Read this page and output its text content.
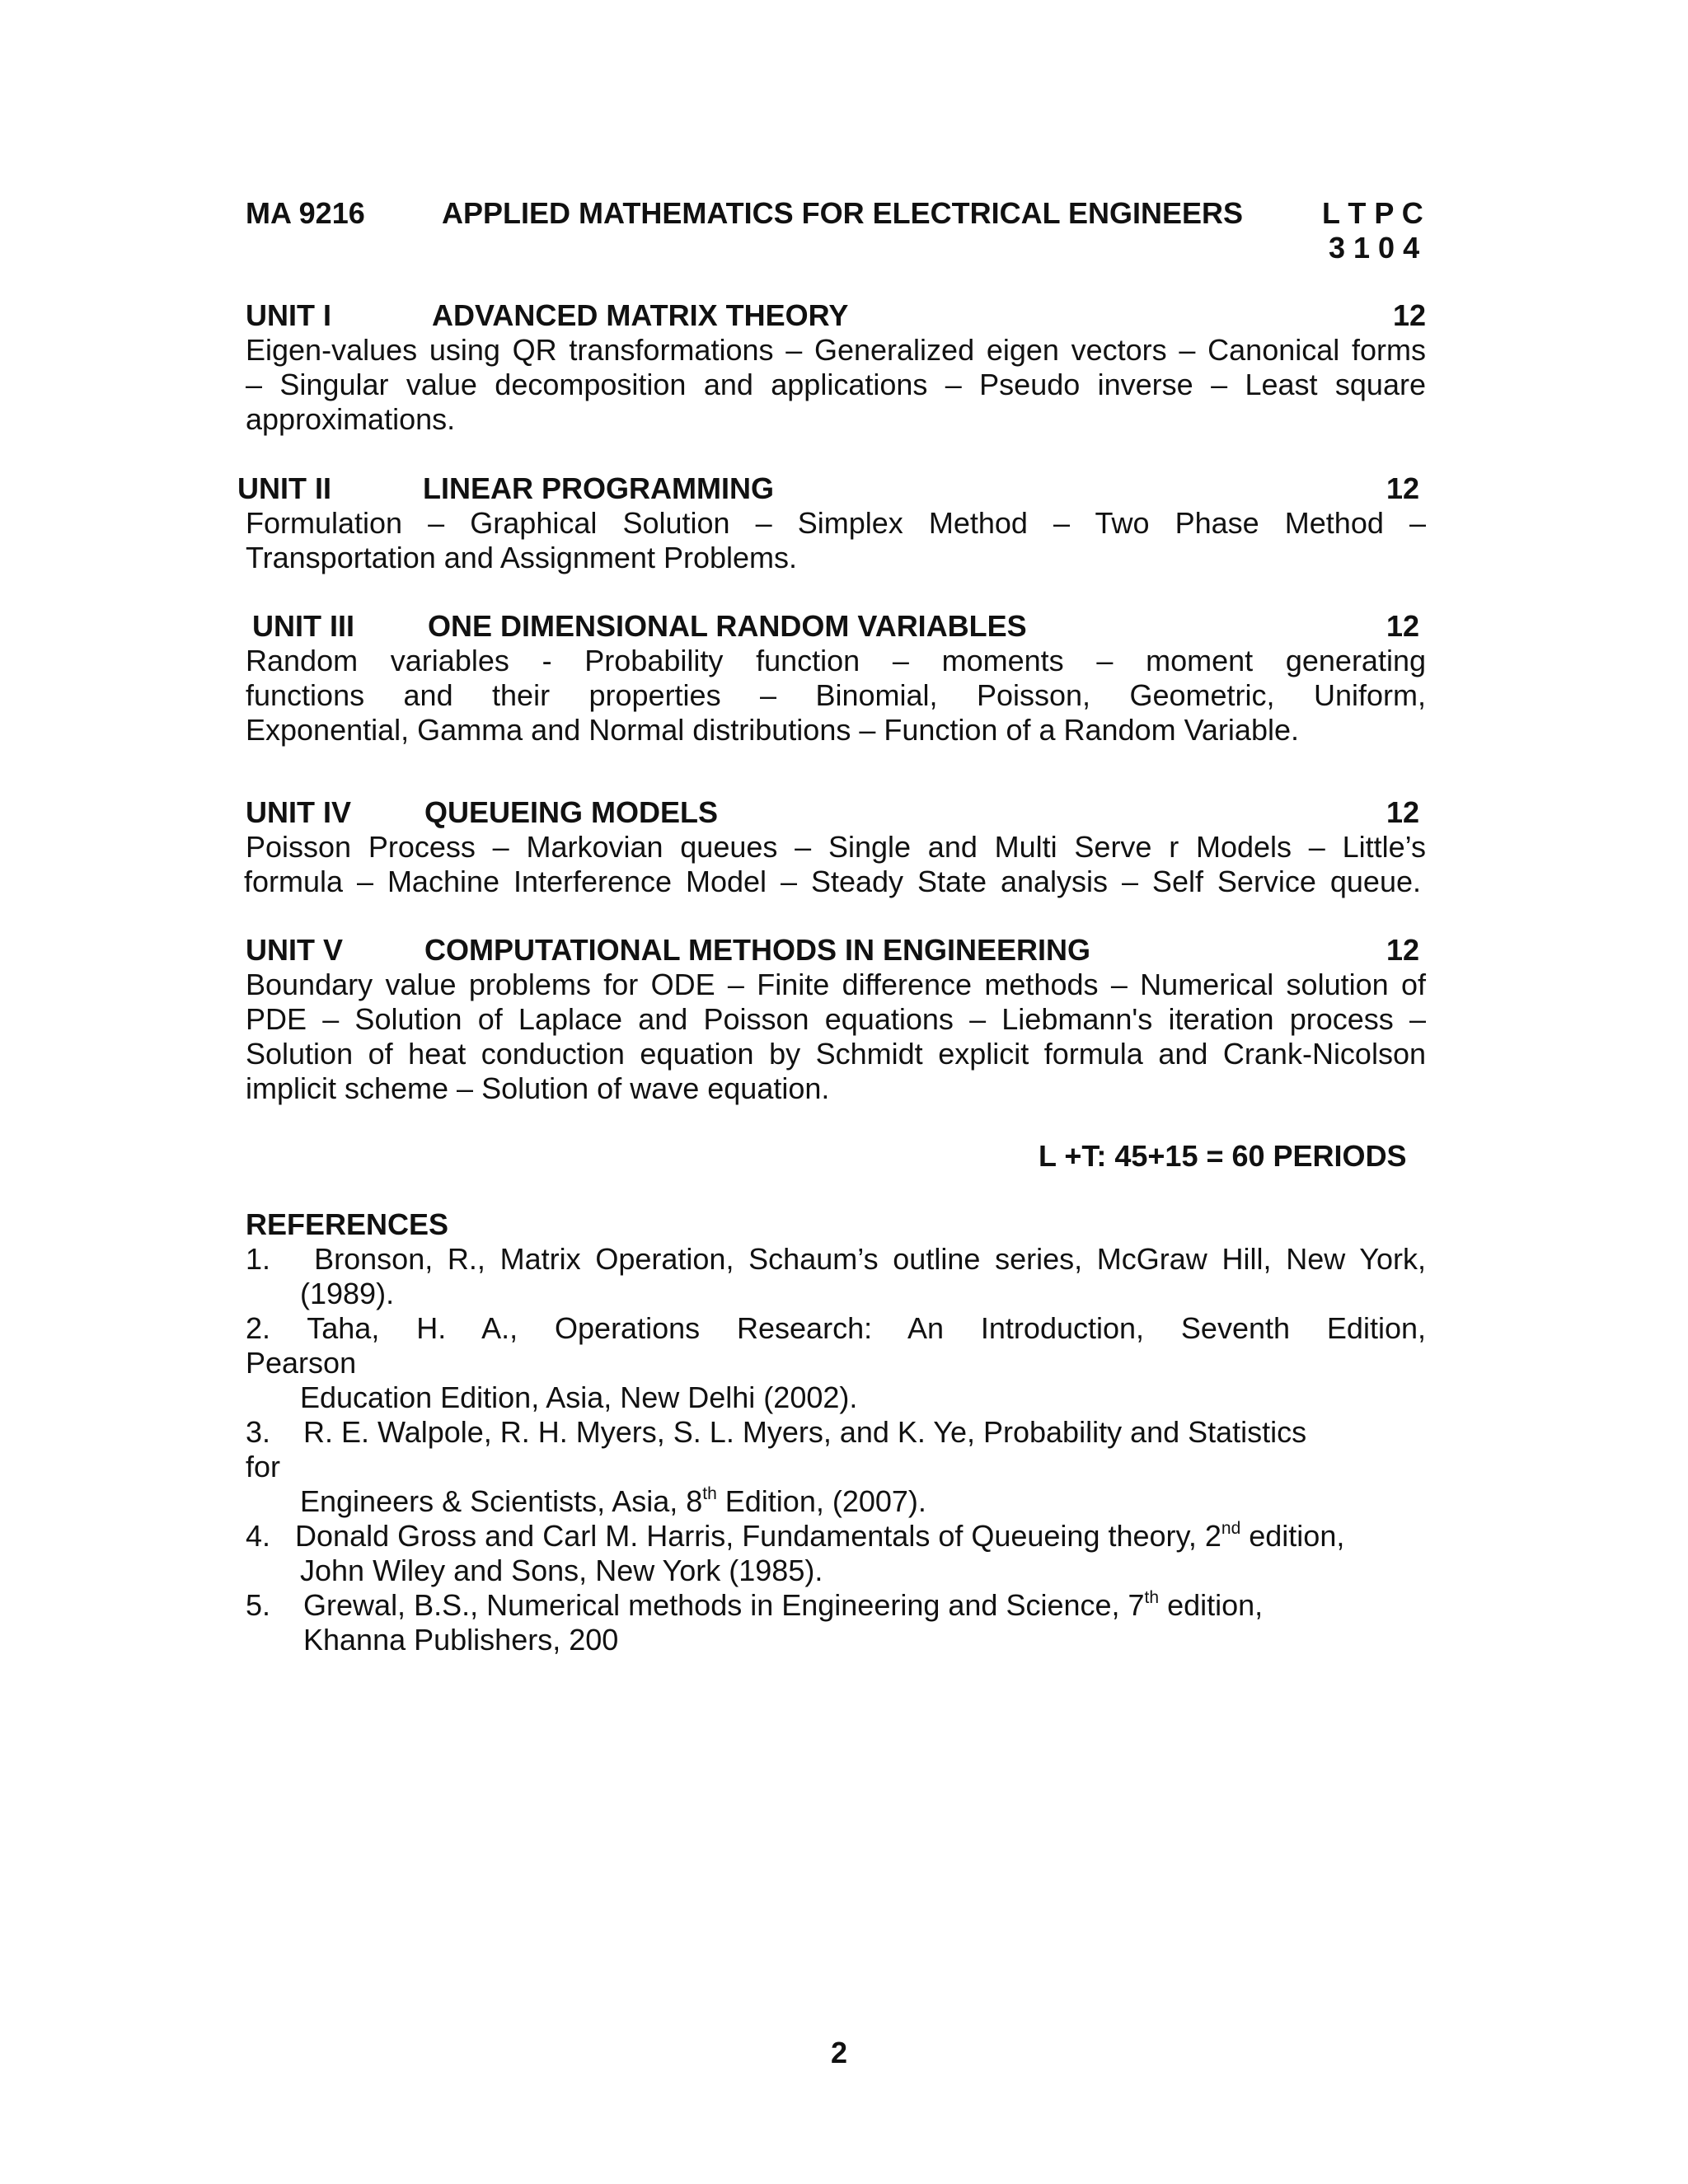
MA 9216	APPLIED MATHEMATICS FOR ELECTRICAL ENGINEERS	L T P C
3 1 0 4
UNIT I	ADVANCED MATRIX THEORY	12
Eigen-values using QR transformations – Generalized eigen vectors – Canonical forms
– Singular value decomposition and applications – Pseudo inverse – Least square
approximations.
UNIT II	LINEAR PROGRAMMING	12
Formulation – Graphical Solution – Simplex Method – Two Phase Method –
Transportation and Assignment Problems.
UNIT III ONE DIMENSIONAL RANDOM VARIABLES	12
Random variables - Probability function – moments – moment generating
functions and their properties – Binomial, Poisson, Geometric, Uniform,
Exponential, Gamma and Normal distributions – Function of a Random Variable.
UNIT IV QUEUEING MODELS	12
Poisson Process – Markovian queues – Single and Multi Serve r Models – Little’s
formula – Machine Interference Model – Steady State analysis – Self Service queue.
UNIT V	COMPUTATIONAL METHODS IN ENGINEERING	12
Boundary value problems for ODE – Finite difference methods – Numerical solution of
PDE – Solution of Laplace and Poisson equations – Liebmann's iteration process –
Solution of heat conduction equation by Schmidt explicit formula and Crank-Nicolson
implicit scheme – Solution of wave equation.
L +T: 45+15 = 60 PERIODS
REFERENCES
1.   Bronson, R., Matrix Operation, Schaum’s outline series, McGraw Hill, New York,
(1989).
2. Taha, H. A., Operations Research: An Introduction, Seventh Edition,
Pearson
Education Edition, Asia, New Delhi (2002).
3.    R. E. Walpole, R. H. Myers, S. L. Myers, and K. Ye, Probability and Statistics
for
Engineers & Scientists, Asia, 8th Edition, (2007).
4.   Donald Gross and Carl M. Harris, Fundamentals of Queueing theory, 2nd edition,
John Wiley and Sons, New York (1985).
5.    Grewal, B.S., Numerical methods in Engineering and Science, 7th edition,
Khanna Publishers, 200
2
